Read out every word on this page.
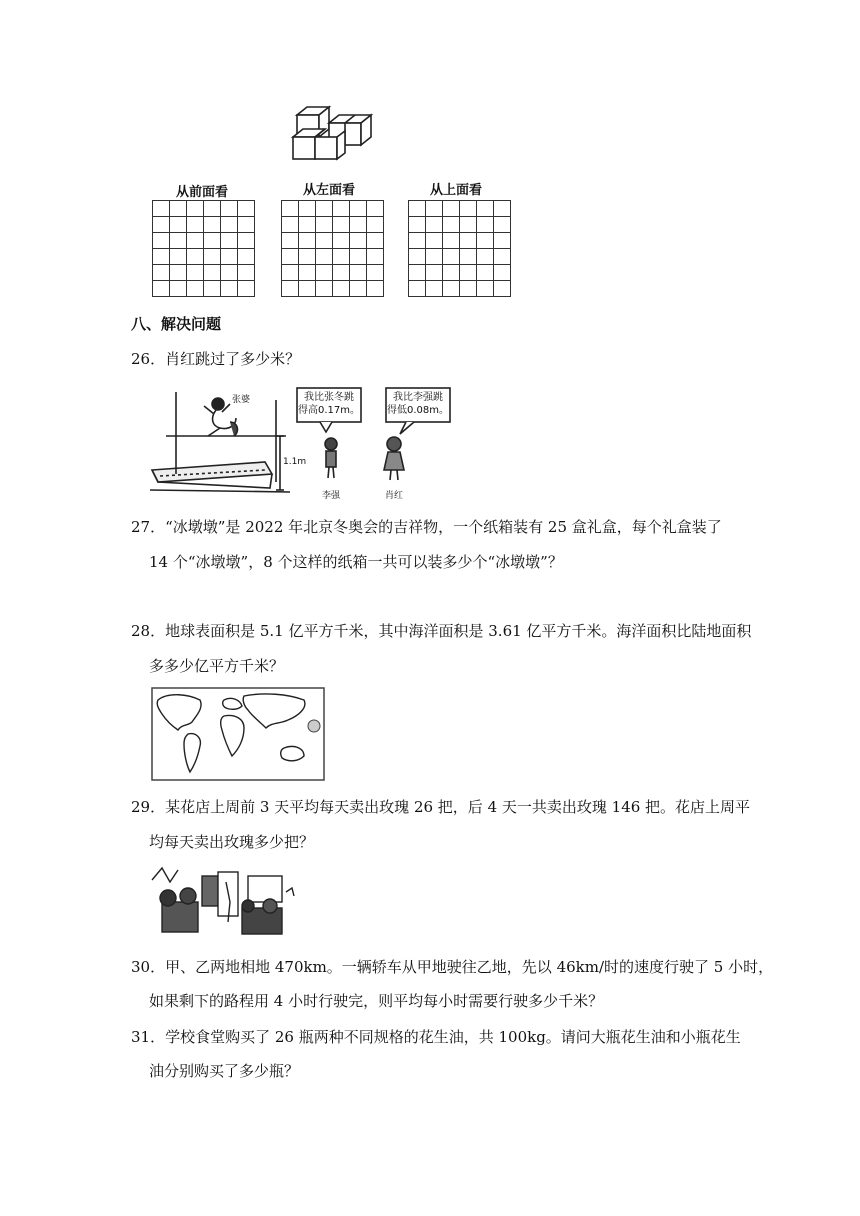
从前面看	从左面看	从上面看

八、解决问题
26．肖红跳过了多少米？
张婆	我比张冬跳
得高0.17m。
我比李强跳
得低0.08m。
1.1m
李强	肖红
27．“冰墩墩”是 2022 年北京冬奥会的吉祥物，一个纸箱装有 25 盒礼盒，每个礼盒装了
14 个“冰墩墩”，8 个这样的纸箱一共可以装多少个“冰墩墩”？
28．地球表面积是 5.1 亿平方千米，其中海洋面积是 3.61 亿平方千米。海洋面积比陆地面积
多多少亿平方千米？
29．某花店上周前 3 天平均每天卖出玫瑰 26 把，后 4 天一共卖出玫瑰 146 把。花店上周平
均每天卖出玫瑰多少把？
30．甲、乙两地相地 470km。一辆轿车从甲地驶往乙地，先以 46km/时的速度行驶了 5 小时，
如果剩下的路程用 4 小时行驶完，则平均每小时需要行驶多少千米？
31．学校食堂购买了 26 瓶两种不同规格的花生油，共 100kg。请问大瓶花生油和小瓶花生
油分别购买了多少瓶？
